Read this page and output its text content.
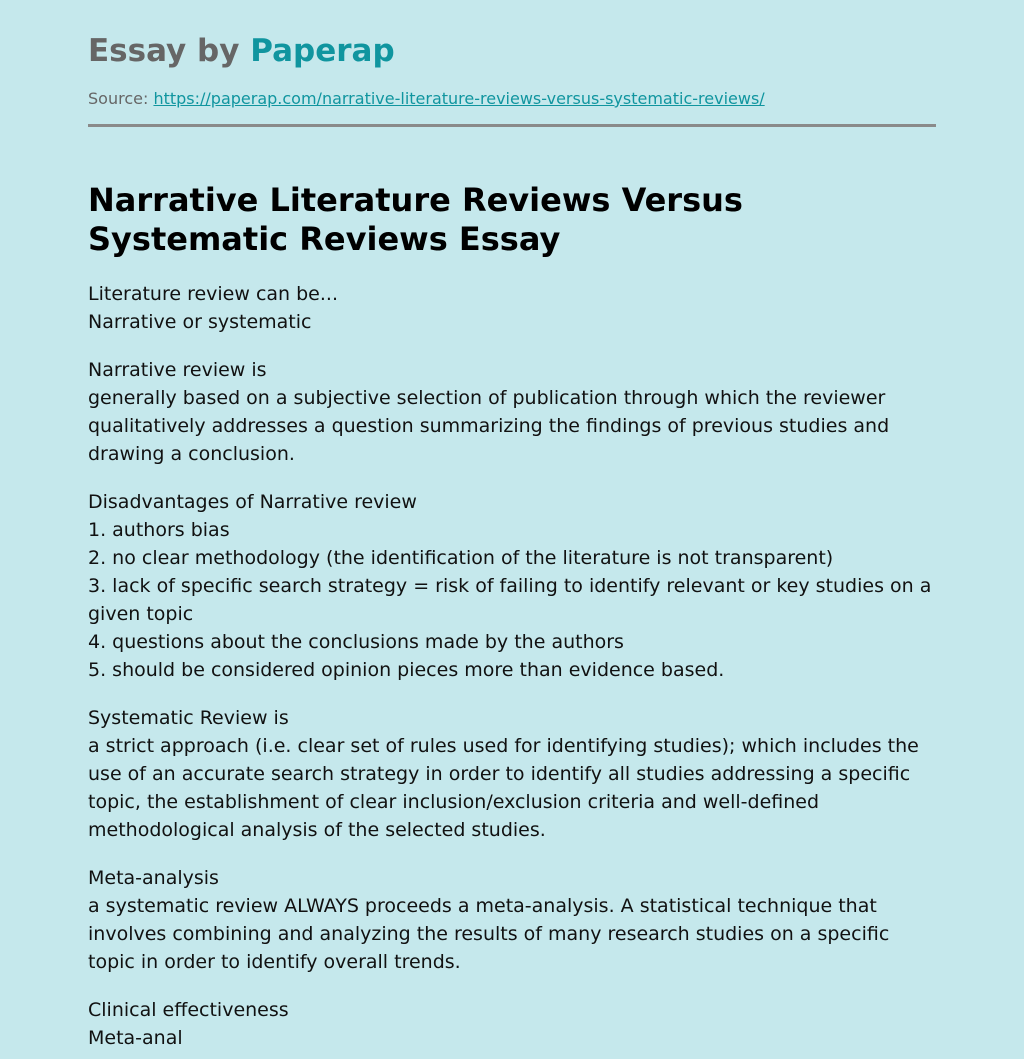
Essay by Paperap
Source: https://paperap.com/narrative-literature-reviews-versus-systematic-reviews/
Narrative Literature Reviews Versus Systematic Reviews Essay
Literature review can be...
Narrative or systematic
Narrative review is
generally based on a subjective selection of publication through which the reviewer qualitatively addresses a question summarizing the findings of previous studies and drawing a conclusion.
Disadvantages of Narrative review
1. authors bias
2. no clear methodology (the identification of the literature is not transparent)
3. lack of specific search strategy = risk of failing to identify relevant or key studies on a given topic
4. questions about the conclusions made by the authors
5. should be considered opinion pieces more than evidence based.
Systematic Review is
a strict approach (i.e. clear set of rules used for identifying studies); which includes the use of an accurate search strategy in order to identify all studies addressing a specific topic, the establishment of clear inclusion/exclusion criteria and well-defined methodological analysis of the selected studies.
Meta-analysis
a systematic review ALWAYS proceeds a meta-analysis. A statistical technique that involves combining and analyzing the results of many research studies on a specific topic in order to identify overall trends.
Clinical effectiveness
Meta-anal
